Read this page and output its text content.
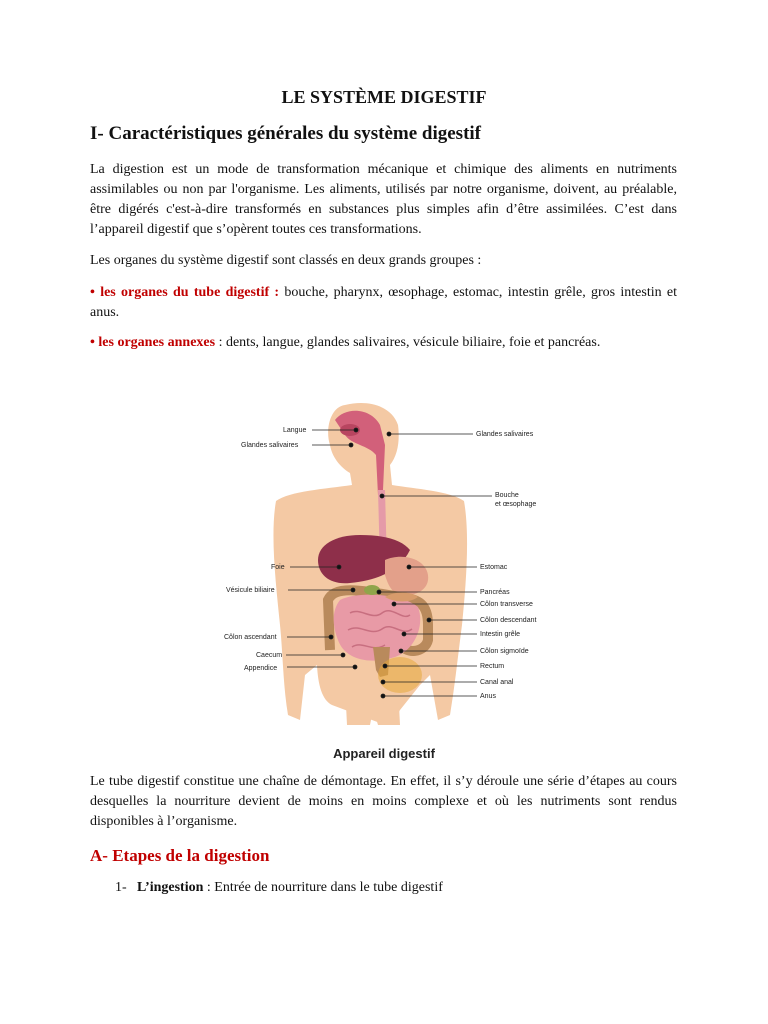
LE SYSTÈME DIGESTIF
I- Caractéristiques générales du système digestif

La digestion est un mode de transformation mécanique et chimique des aliments en nutriments assimilables ou non par l'organisme. Les aliments, utilisés par notre organisme, doivent, au préalable, être digérés c'est-à-dire transformés en substances plus simples afin d’être assimilées. C’est dans l’appareil digestif que s’opèrent toutes ces transformations.

Les organes du système digestif sont classés en deux grands groupes :

• les organes du tube digestif : bouche, pharynx, œsophage, estomac, intestin grêle, gros intestin et anus.

• les organes annexes : dents, langue, glandes salivaires, vésicule biliaire, foie et pancréas.

Langue
Glandes salivaires
Foie
Vésicule biliaire
Côlon ascendant
Caecum
Appendice
Glandes salivaires
Bouche
et œsophage
Estomac
Pancréas
Côlon transverse
Côlon descendant
Intestin grêle
Côlon sigmoïde
Rectum
Canal anal
Anus
Appareil digestif

Le tube digestif constitue une chaîne de démontage. En effet, il s’y déroule une série d’étapes au cours desquelles la nourriture devient de moins en moins complexe et où les nutriments sont rendus disponibles à l’organisme.

A- Etapes de la digestion

1- L’ingestion : Entrée de nourriture dans le tube digestif
